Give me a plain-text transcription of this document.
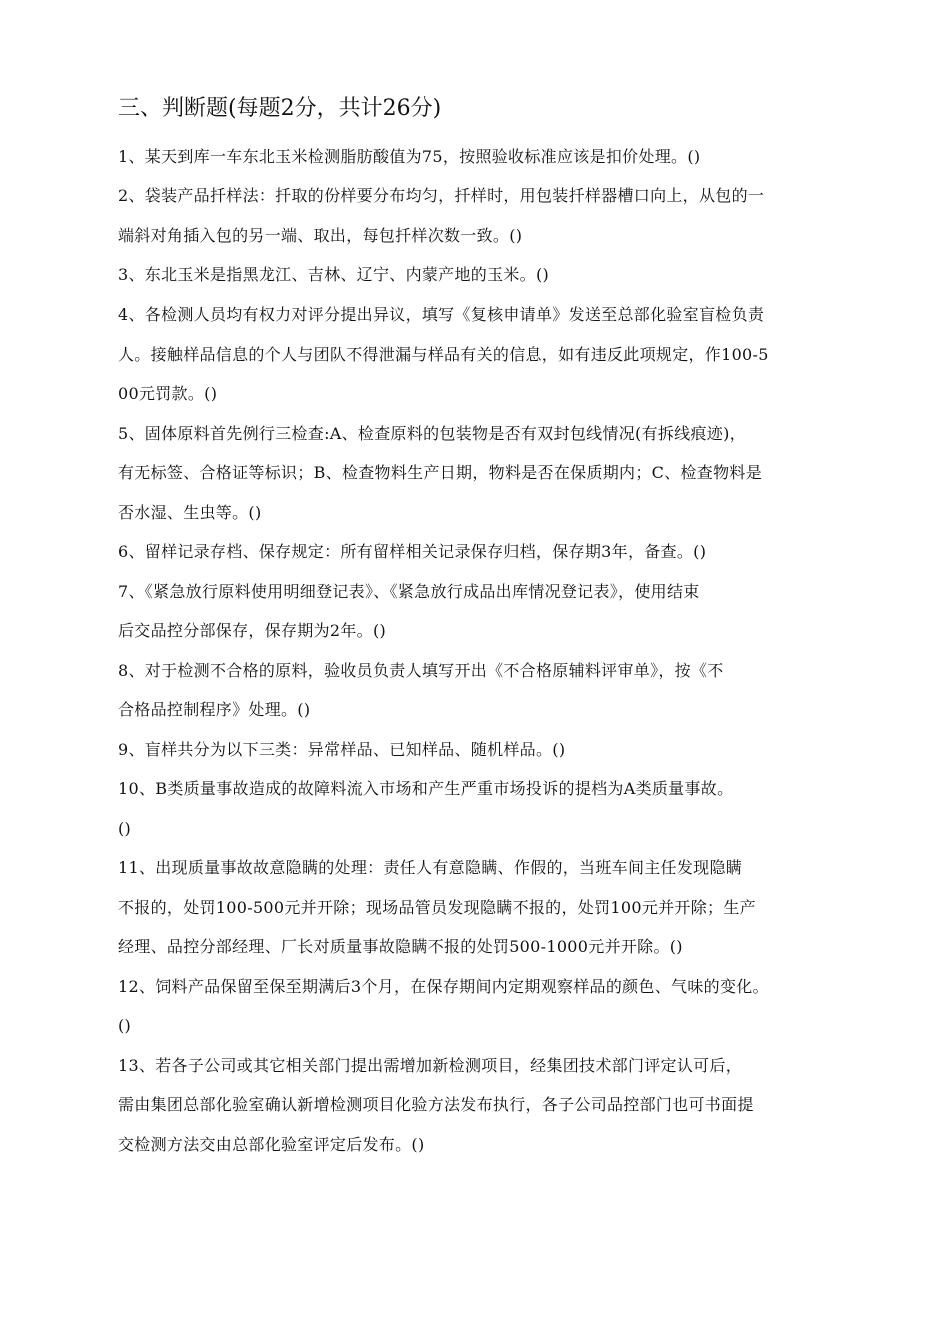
三、判断题(每题2分，共计26分)
1、某天到库一车东北玉米检测脂肪酸值为75，按照验收标准应该是扣价处理。()
2、袋装产品扦样法：扦取的份样要分布均匀，扦样时，用包装扦样器槽口向上，从包的一
端斜对角插入包的另一端、取出，每包扦样次数一致。()
3、东北玉米是指黑龙江、吉林、辽宁、内蒙产地的玉米。()
4、各检测人员均有权力对评分提出异议，填写《复核申请单》发送至总部化验室盲检负责
人。接触样品信息的个人与团队不得泄漏与样品有关的信息，如有违反此项规定，作100-5
00元罚款。()
5、固体原料首先例行三检查:A、检查原料的包装物是否有双封包线情况(有拆线痕迹)，
有无标签、合格证等标识；B、检查物料生产日期，物料是否在保质期内；C、检查物料是
否水湿、生虫等。()
6、留样记录存档、保存规定：所有留样相关记录保存归档，保存期3年，备查。()
7、《紧急放行原料使用明细登记表》、《紧急放行成品出库情况登记表》，使用结束
后交品控分部保存，保存期为2年。()
8、对于检测不合格的原料，验收员负责人填写开出《不合格原辅料评审单》，按《不
合格品控制程序》处理。()
9、盲样共分为以下三类：异常样品、已知样品、随机样品。()
10、B类质量事故造成的故障料流入市场和产生严重市场投诉的提档为A类质量事故。
()
11、出现质量事故故意隐瞒的处理：责任人有意隐瞒、作假的，当班车间主任发现隐瞒
不报的，处罚100-500元并开除；现场品管员发现隐瞒不报的，处罚100元并开除；生产
经理、品控分部经理、厂长对质量事故隐瞒不报的处罚500-1000元并开除。()
12、饲料产品保留至保至期满后3个月，在保存期间内定期观察样品的颜色、气味的变化。
()
13、若各子公司或其它相关部门提出需增加新检测项目，经集团技术部门评定认可后，
需由集团总部化验室确认新增检测项目化验方法发布执行，各子公司品控部门也可书面提
交检测方法交由总部化验室评定后发布。()
